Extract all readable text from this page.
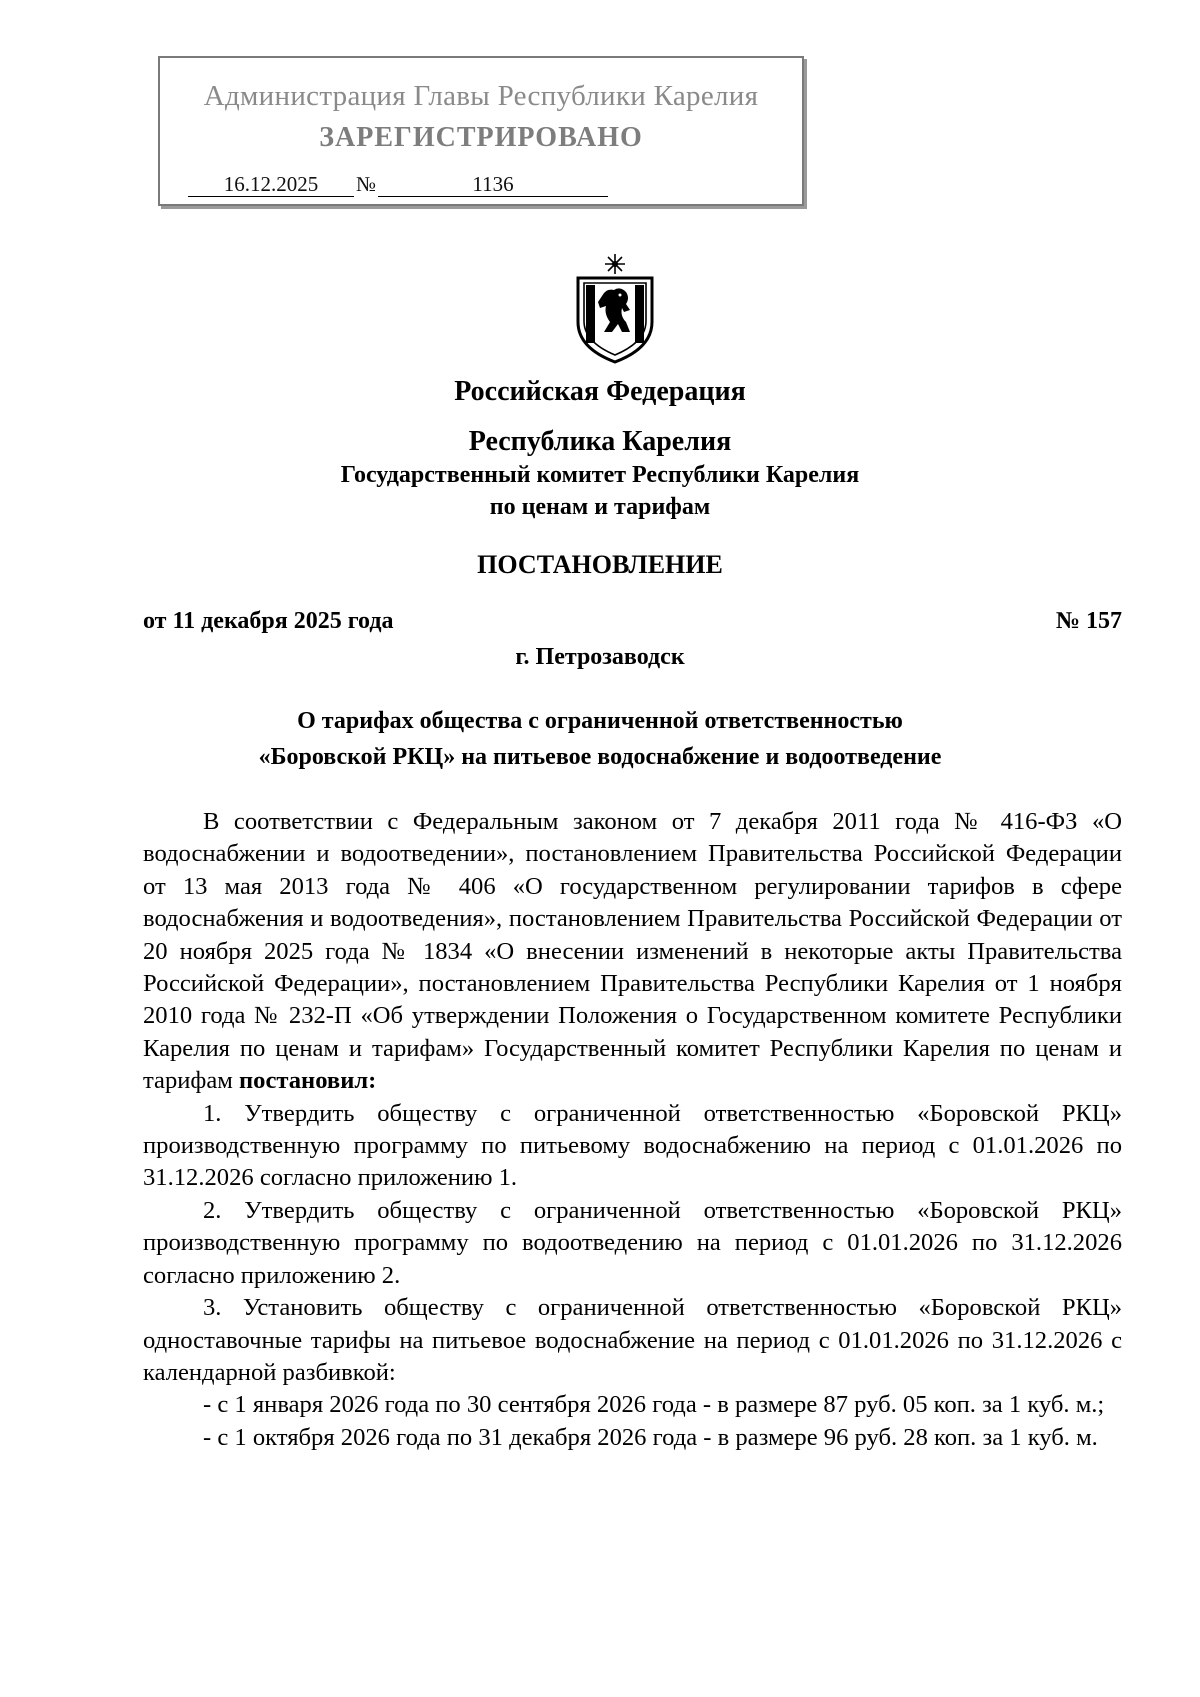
Администрация Главы Республики Карелия
ЗАРЕГИСТРИРОВАНО
16.12.2025 №	1136
Российская Федерация
Республика Карелия
Государственный комитет Республики Карелия
по ценам и тарифам
ПОСТАНОВЛЕНИЕ
от 11 декабря 2025 года	№ 157
г. Петрозаводск
О тарифах общества с ограниченной ответственностью
«Боровской РКЦ» на питьевое водоснабжение и водоотведение

В соответствии с Федеральным законом от 7 декабря 2011 года № 416-ФЗ «О водоснабжении и водоотведении», постановлением Правительства Российской Федерации от 13 мая 2013 года № 406 «О государственном регулировании тарифов в сфере водоснабжения и водоотведения», постановлением Правительства Российской Федерации от 20 ноября 2025 года № 1834 «О внесении изменений в некоторые акты Правительства Российской Федерации», постановлением Правительства Республики Карелия от 1 ноября 2010 года № 232-П «Об утверждении Положения о Государственном комитете Республики Карелия по ценам и тарифам» Государственный комитет Республики Карелия по ценам и тарифам постановил:

1. Утвердить обществу с ограниченной ответственностью «Боровской РКЦ» производственную программу по питьевому водоснабжению на период с 01.01.2026 по 31.12.2026 согласно приложению 1.

2. Утвердить обществу с ограниченной ответственностью «Боровской РКЦ» производственную программу по водоотведению на период с 01.01.2026 по 31.12.2026 согласно приложению 2.

3. Установить обществу с ограниченной ответственностью «Боровской РКЦ» одноставочные тарифы на питьевое водоснабжение на период с 01.01.2026 по 31.12.2026 с календарной разбивкой:

- с 1 января 2026 года по 30 сентября 2026 года - в размере 87 руб. 05 коп. за 1 куб. м.;

- с 1 октября 2026 года по 31 декабря 2026 года - в размере 96 руб. 28 коп. за 1 куб. м.
